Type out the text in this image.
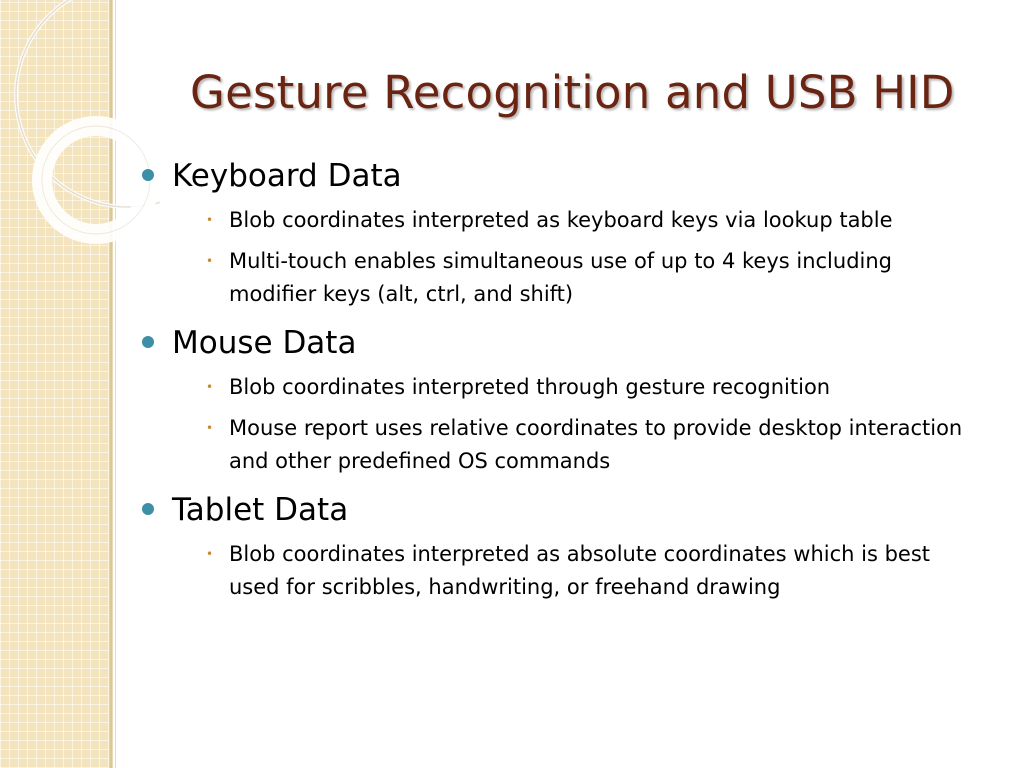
Gesture Recognition and USB HID
Keyboard Data
• Blob coordinates interpreted as keyboard keys via lookup table
• Multi-touch enables simultaneous use of up to 4 keys including modifier keys (alt, ctrl, and shift)
Mouse Data
• Blob coordinates interpreted through gesture recognition
• Mouse report uses relative coordinates to provide desktop interaction and other predefined OS commands
Tablet Data
• Blob coordinates interpreted as absolute coordinates which is best used for scribbles, handwriting, or freehand drawing
